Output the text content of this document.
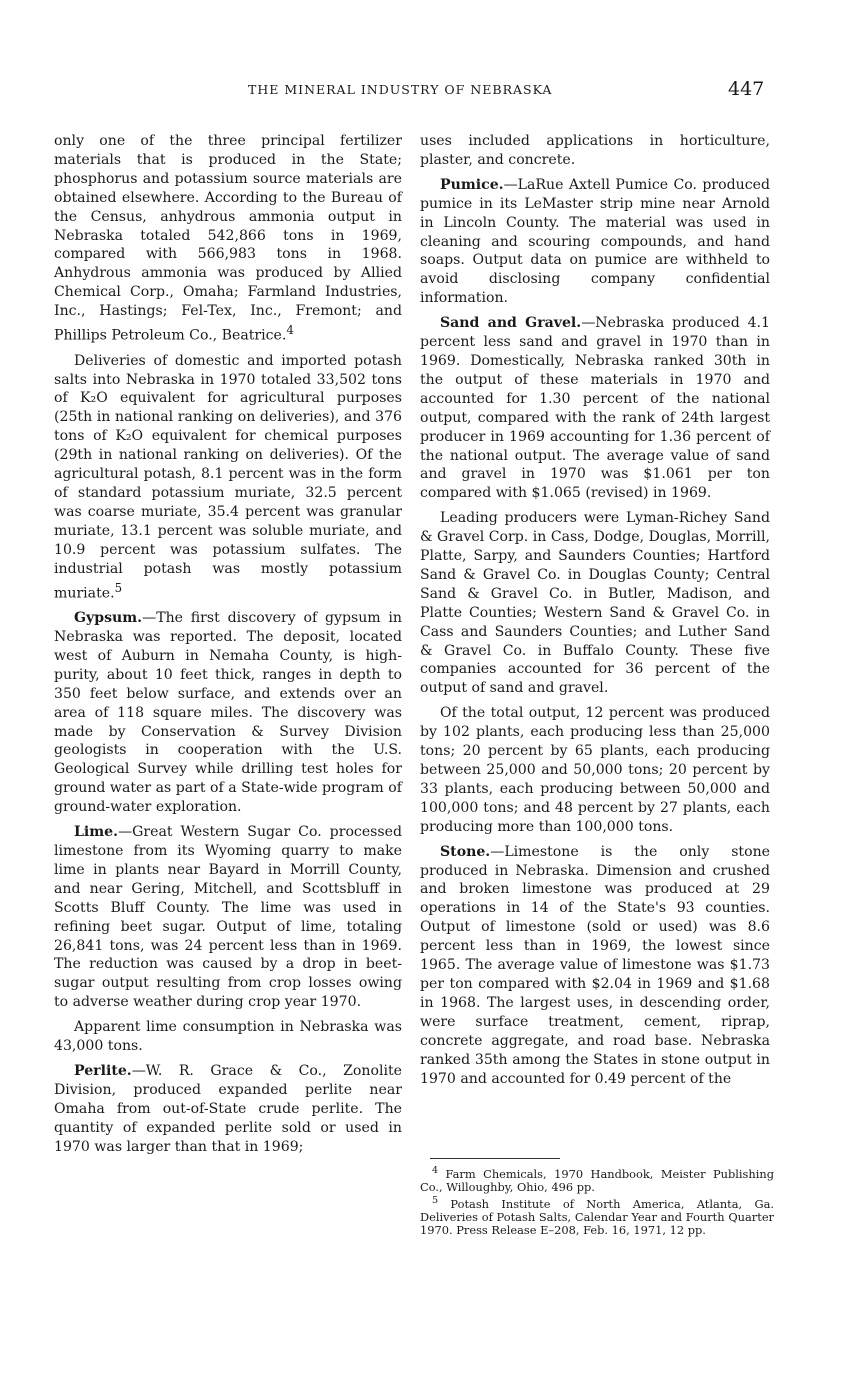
THE MINERAL INDUSTRY OF NEBRASKA	447

only one of the three principal fertilizer materials that is produced in the State; phosphorus and potassium source materials are obtained elsewhere. According to the Bureau of the Census, anhydrous ammonia output in Nebraska totaled 542,866 tons in 1969, compared with 566,983 tons in 1968. Anhydrous ammonia was produced by Allied Chemical Corp., Omaha; Farmland Industries, Inc., Hastings; Fel-Tex, Inc., Fremont; and Phillips Petroleum Co., Beatrice.$^4$

Deliveries of domestic and imported potash salts into Nebraska in 1970 totaled 33,502 tons of K₂O equivalent for agricultural purposes (25th in national ranking on deliveries), and 376 tons of K₂O equivalent for chemical purposes (29th in national ranking on deliveries). Of the agricultural potash, 8.1 percent was in the form of standard potassium muriate, 32.5 percent was coarse muriate, 35.4 percent was granular muriate, 13.1 percent was soluble muriate, and 10.9 percent was potassium sulfates. The industrial potash was mostly potassium muriate.$^5$

Gypsum.—The first discovery of gypsum in Nebraska was reported. The deposit, located west of Auburn in Nemaha County, is high-purity, about 10 feet thick, ranges in depth to 350 feet below surface, and extends over an area of 118 square miles. The discovery was made by Conservation & Survey Division geologists in cooperation with the U.S. Geological Survey while drilling test holes for ground water as part of a State-wide program of ground-water exploration.

Lime.—Great Western Sugar Co. processed limestone from its Wyoming quarry to make lime in plants near Bayard in Morrill County, and near Gering, Mitchell, and Scottsbluff in Scotts Bluff County. The lime was used in refining beet sugar. Output of lime, totaling 26,841 tons, was 24 percent less than in 1969. The reduction was caused by a drop in beet-sugar output resulting from crop losses owing to adverse weather during crop year 1970.

Apparent lime consumption in Nebraska was 43,000 tons.

Perlite.—W. R. Grace & Co., Zonolite Division, produced expanded perlite near Omaha from out-of-State crude perlite. The quantity of expanded perlite sold or used in 1970 was larger than that in 1969;

uses included applications in horticulture, plaster, and concrete.

Pumice.—LaRue Axtell Pumice Co. produced pumice in its LeMaster strip mine near Arnold in Lincoln County. The material was used in cleaning and scouring compounds, and hand soaps. Output data on pumice are withheld to avoid disclosing company confidential information.

Sand and Gravel.—Nebraska produced 4.1 percent less sand and gravel in 1970 than in 1969. Domestically, Nebraska ranked 30th in the output of these materials in 1970 and accounted for 1.30 percent of the national output, compared with the rank of 24th largest producer in 1969 accounting for 1.36 percent of the national output. The average value of sand and gravel in 1970 was $1.061 per ton compared with $1.065 (revised) in 1969.

Leading producers were Lyman-Richey Sand & Gravel Corp. in Cass, Dodge, Douglas, Morrill, Platte, Sarpy, and Saunders Counties; Hartford Sand & Gravel Co. in Douglas County; Central Sand & Gravel Co. in Butler, Madison, and Platte Counties; Western Sand & Gravel Co. in Cass and Saunders Counties; and Luther Sand & Gravel Co. in Buffalo County. These five companies accounted for 36 percent of the output of sand and gravel.

Of the total output, 12 percent was produced by 102 plants, each producing less than 25,000 tons; 20 percent by 65 plants, each producing between 25,000 and 50,000 tons; 20 percent by 33 plants, each producing between 50,000 and 100,000 tons; and 48 percent by 27 plants, each producing more than 100,000 tons.

Stone.—Limestone is the only stone produced in Nebraska. Dimension and crushed and broken limestone was produced at 29 operations in 14 of the State's 93 counties. Output of limestone (sold or used) was 8.6 percent less than in 1969, the lowest since 1965. The average value of limestone was $1.73 per ton compared with $2.04 in 1969 and $1.68 in 1968. The largest uses, in descending order, were surface treatment, cement, riprap, concrete aggregate, and road base. Nebraska ranked 35th among the States in stone output in 1970 and accounted for 0.49 percent of the

$^4$ Farm Chemicals, 1970 Handbook, Meister Publishing Co., Willoughby, Ohio, 496 pp.

$^5$ Potash Institute of North America, Atlanta, Ga. Deliveries of Potash Salts, Calendar Year and Fourth Quarter 1970. Press Release E–208, Feb. 16, 1971, 12 pp.
